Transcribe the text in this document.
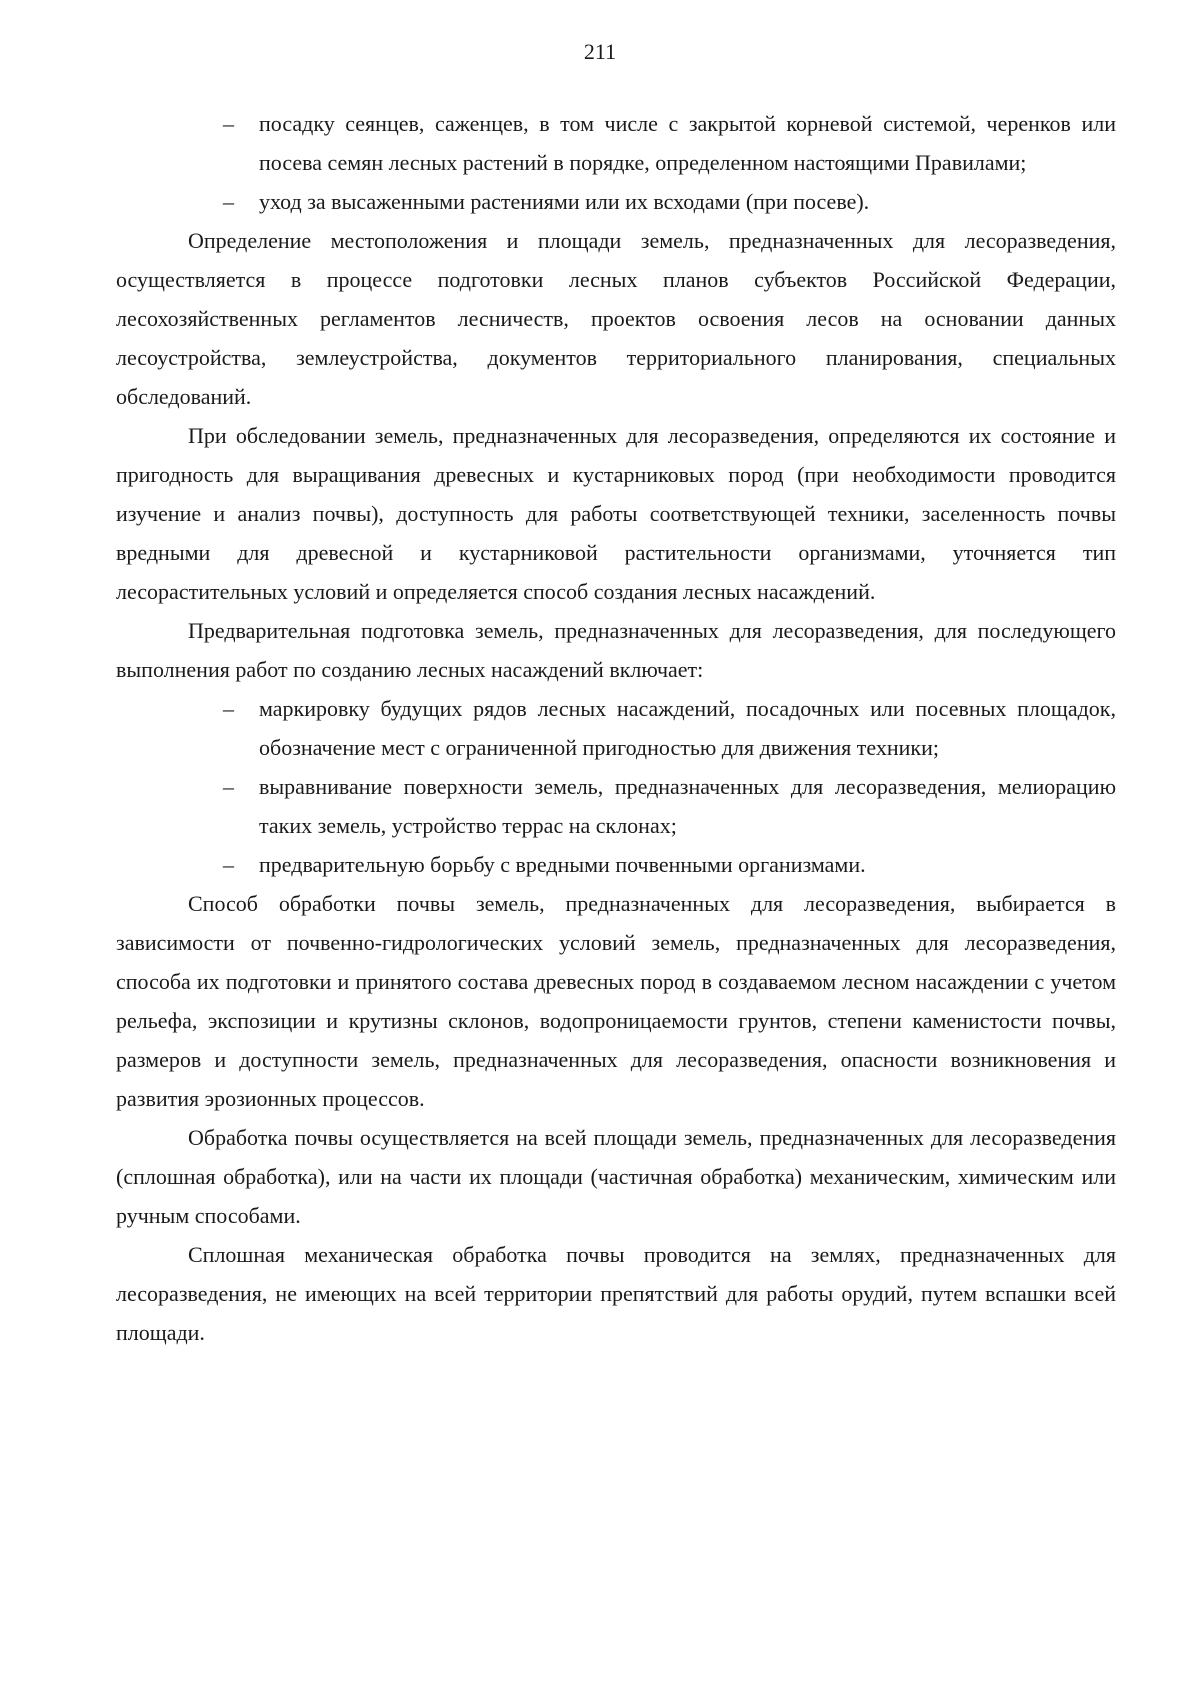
211
– посадку сеянцев, саженцев, в том числе с закрытой корневой системой, черенков или посева семян лесных растений в порядке, определенном настоящими Правилами;
– уход за высаженными растениями или их всходами (при посеве).

Определение местоположения и площади земель, предназначенных для лесоразведения, осуществляется в процессе подготовки лесных планов субъектов Российской Федерации, лесохозяйственных регламентов лесничеств, проектов освоения лесов на основании данных лесоустройства, землеустройства, документов территориального планирования, специальных обследований.

При обследовании земель, предназначенных для лесоразведения, определяются их состояние и пригодность для выращивания древесных и кустарниковых пород (при необходимости проводится изучение и анализ почвы), доступность для работы соответствующей техники, заселенность почвы вредными для древесной и кустарниковой растительности организмами, уточняется тип лесорастительных условий и определяется способ создания лесных насаждений.

Предварительная подготовка земель, предназначенных для лесоразведения, для последующего выполнения работ по созданию лесных насаждений включает:

– маркировку будущих рядов лесных насаждений, посадочных или посевных площадок, обозначение мест с ограниченной пригодностью для движения техники;
– выравнивание поверхности земель, предназначенных для лесоразведения, мелиорацию таких земель, устройство террас на склонах;
– предварительную борьбу с вредными почвенными организмами.

Способ обработки почвы земель, предназначенных для лесоразведения, выбирается в зависимости от почвенно-гидрологических условий земель, предназначенных для лесоразведения, способа их подготовки и принятого состава древесных пород в создаваемом лесном насаждении с учетом рельефа, экспозиции и крутизны склонов, водопроницаемости грунтов, степени каменистости почвы, размеров и доступности земель, предназначенных для лесоразведения, опасности возникновения и развития эрозионных процессов.

Обработка почвы осуществляется на всей площади земель, предназначенных для лесоразведения (сплошная обработка), или на части их площади (частичная обработка) механическим, химическим или ручным способами.

Сплошная механическая обработка почвы проводится на землях, предназначенных для лесоразведения, не имеющих на всей территории препятствий для работы орудий, путем вспашки всей площади.
